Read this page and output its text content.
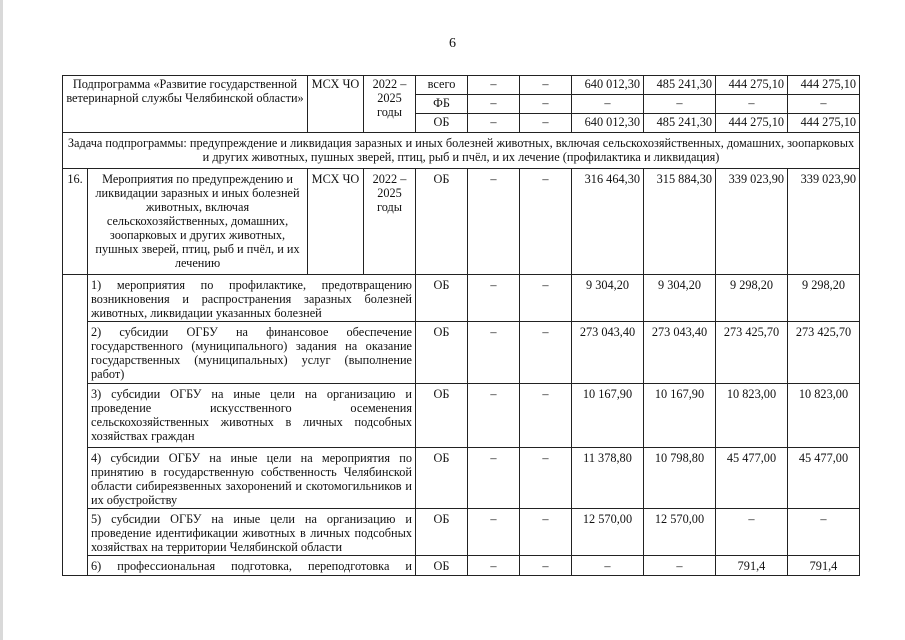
6
Подпрограмма «Развитие государственной ветеринарной службы Челябинской области»		МСХ ЧО	2022 – 2025 годы	всего	–	–	640 012,30	485 241,30	444 275,10	444 275,10
				ФБ	–	–	–	–	–	–
				ОБ	–	–	640 012,30	485 241,30	444 275,10	444 275,10
Задача подпрограммы: предупреждение и ликвидация заразных и иных болезней животных, включая сельскохозяйственных, домашних, зоопарковых и других животных, пушных зверей, птиц, рыб и пчёл, и их лечение (профилактика и ликвидация)										
16.	Мероприятия по предупреждению и ликвидации заразных и иных болезней животных, включая сельскохозяйственных, домашних, зоопарковых и других животных, пушных зверей, птиц, рыб и пчёл, и их лечению	МСХ ЧО	2022 – 2025 годы	ОБ	–	–	316 464,30	315 884,30	339 023,90	339 023,90
	1) мероприятия по профилактике, предотвращению возникновения и распространения заразных болезней животных, ликвидации указанных болезней			ОБ	–	–	9 304,20	9 304,20	9 298,20	9 298,20
	2) субсидии ОГБУ на финансовое обеспечение государственного (муниципального) задания на оказание государственных (муниципальных) услуг (выполнение работ)			ОБ	–	–	273 043,40	273 043,40	273 425,70	273 425,70
	3) субсидии ОГБУ на иные цели на организацию и проведение искусственного осеменения сельскохозяйственных животных в личных подсобных хозяйствах граждан			ОБ	–	–	10 167,90	10 167,90	10 823,00	10 823,00
	4) субсидии ОГБУ на иные цели на мероприятия по принятию в государственную собственность Челябинской области сибиреязвенных захоронений и скотомогильников и их обустройству			ОБ	–	–	11 378,80	10 798,80	45 477,00	45 477,00
	5) субсидии ОГБУ на иные цели на организацию и проведение идентификации животных в личных подсобных хозяйствах на территории Челябинской области			ОБ	–	–	12 570,00	12 570,00	–	–
	6) профессиональная подготовка, переподготовка и			ОБ	–	–	–	–	791,4	791,4
